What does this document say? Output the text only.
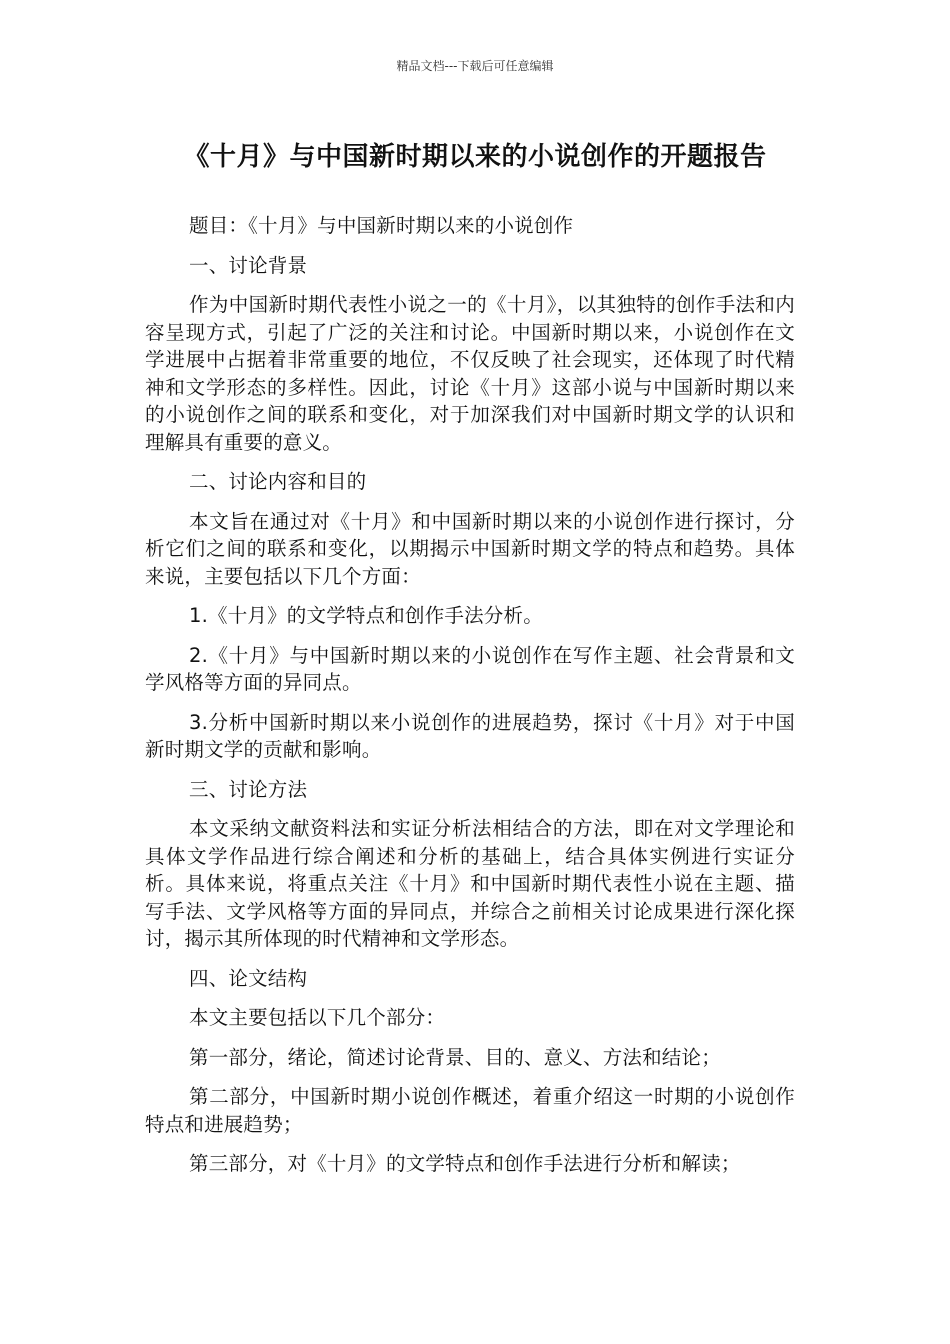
精品文档---下载后可任意编辑
《十月》与中国新时期以来的小说创作的开题报告

题目：《十月》与中国新时期以来的小说创作

一、讨论背景

作为中国新时期代表性小说之一的《十月》，以其独特的创作手法和内容呈现方式，引起了广泛的关注和讨论。中国新时期以来，小说创作在文学进展中占据着非常重要的地位，不仅反映了社会现实，还体现了时代精神和文学形态的多样性。因此，讨论《十月》这部小说与中国新时期以来的小说创作之间的联系和变化，对于加深我们对中国新时期文学的认识和理解具有重要的意义。

二、讨论内容和目的

本文旨在通过对《十月》和中国新时期以来的小说创作进行探讨，分析它们之间的联系和变化，以期揭示中国新时期文学的特点和趋势。具体来说，主要包括以下几个方面：

1.《十月》的文学特点和创作手法分析。

2.《十月》与中国新时期以来的小说创作在写作主题、社会背景和文学风格等方面的异同点。

3.分析中国新时期以来小说创作的进展趋势，探讨《十月》对于中国新时期文学的贡献和影响。

三、讨论方法

本文采纳文献资料法和实证分析法相结合的方法，即在对文学理论和具体文学作品进行综合阐述和分析的基础上，结合具体实例进行实证分析。具体来说，将重点关注《十月》和中国新时期代表性小说在主题、描写手法、文学风格等方面的异同点，并综合之前相关讨论成果进行深化探讨，揭示其所体现的时代精神和文学形态。

四、论文结构

本文主要包括以下几个部分：

第一部分，绪论，简述讨论背景、目的、意义、方法和结论；

第二部分，中国新时期小说创作概述，着重介绍这一时期的小说创作特点和进展趋势；

第三部分，对《十月》的文学特点和创作手法进行分析和解读；
